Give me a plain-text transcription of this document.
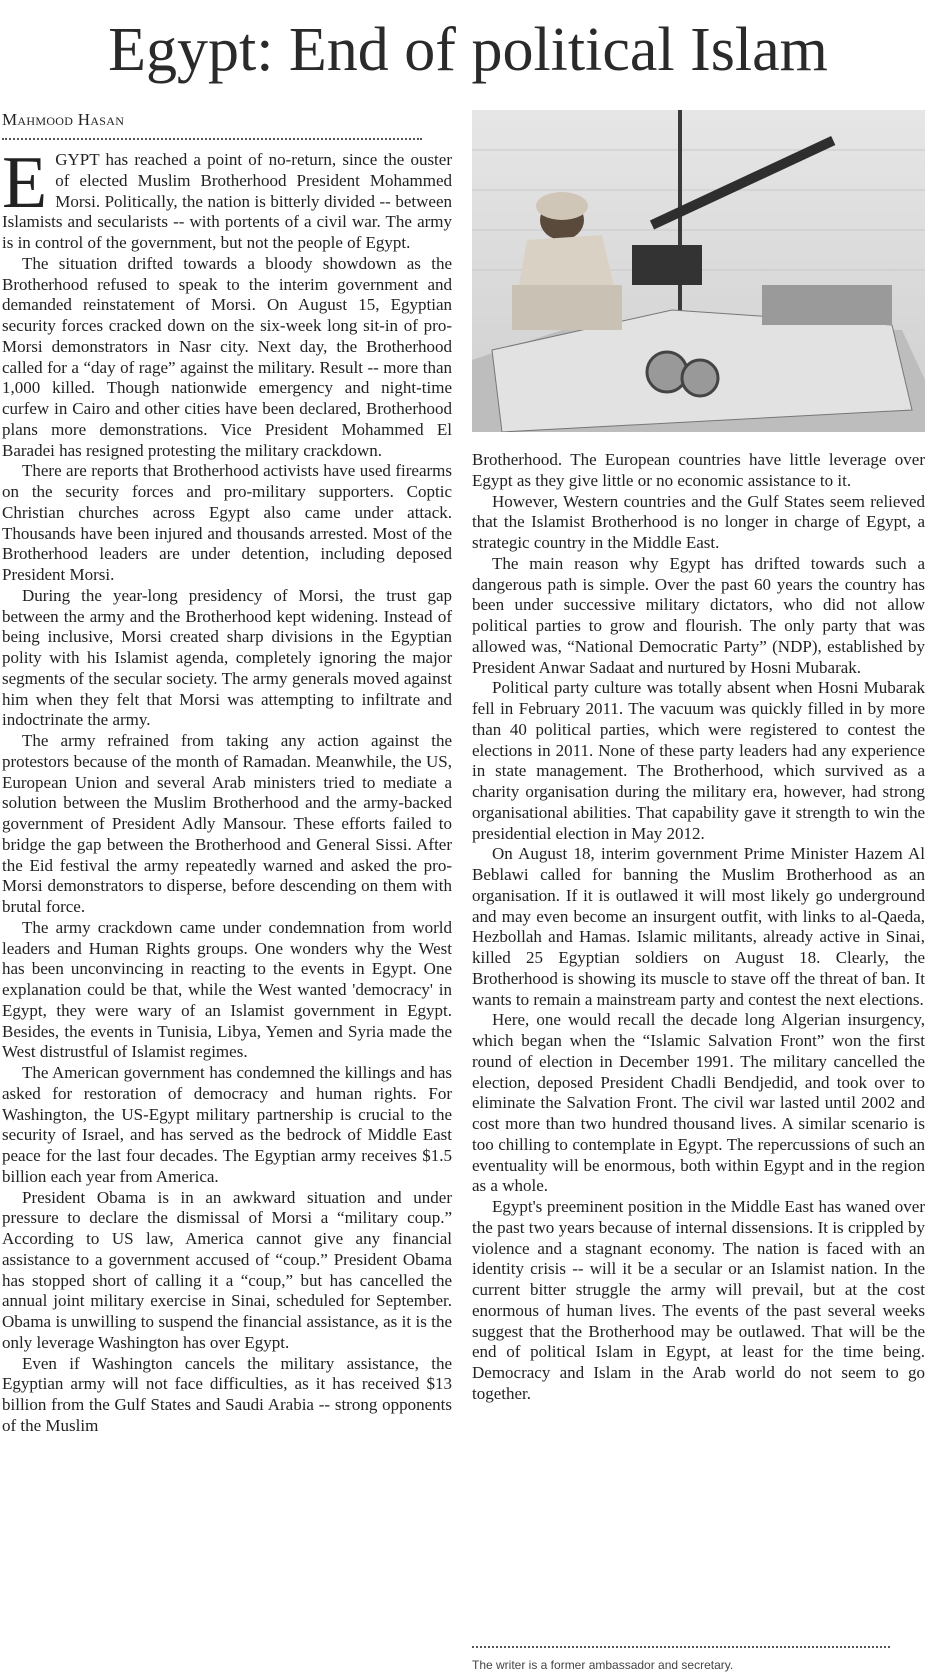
Egypt: End of political Islam
Mahmood Hasan

EGYPT has reached a point of no-return, since the ouster of elected Muslim Brotherhood President Mohammed Morsi. Politically, the nation is bitterly divided -- between Islamists and secularists -- with portents of a civil war. The army is in control of the government, but not the people of Egypt.

The situation drifted towards a bloody showdown as the Brotherhood refused to speak to the interim government and demanded reinstatement of Morsi. On August 15, Egyptian security forces cracked down on the six-week long sit-in of pro-Morsi demonstrators in Nasr city. Next day, the Brotherhood called for a “day of rage” against the military. Result -- more than 1,000 killed. Though nationwide emergency and night-time curfew in Cairo and other cities have been declared, Brotherhood plans more demonstrations. Vice President Mohammed El Baradei has resigned protesting the military crackdown.

There are reports that Brotherhood activists have used firearms on the security forces and pro-military supporters. Coptic Christian churches across Egypt also came under attack. Thousands have been injured and thousands arrested. Most of the Brotherhood leaders are under detention, including deposed President Morsi.

During the year-long presidency of Morsi, the trust gap between the army and the Brotherhood kept widening. Instead of being inclusive, Morsi created sharp divisions in the Egyptian polity with his Islamist agenda, completely ignoring the major segments of the secular society. The army generals moved against him when they felt that Morsi was attempting to infiltrate and indoctrinate the army.

The army refrained from taking any action against the protestors because of the month of Ramadan. Meanwhile, the US, European Union and several Arab ministers tried to mediate a solution between the Muslim Brotherhood and the army-backed government of President Adly Mansour. These efforts failed to bridge the gap between the Brotherhood and General Sissi. After the Eid festival the army repeatedly warned and asked the pro-Morsi demonstrators to disperse, before descending on them with brutal force.

The army crackdown came under condemnation from world leaders and Human Rights groups. One wonders why the West has been unconvincing in reacting to the events in Egypt. One explanation could be that, while the West wanted 'democracy' in Egypt, they were wary of an Islamist government in Egypt. Besides, the events in Tunisia, Libya, Yemen and Syria made the West distrustful of Islamist regimes.

The American government has condemned the killings and has asked for restoration of democracy and human rights. For Washington, the US-Egypt military partnership is crucial to the security of Israel, and has served as the bedrock of Middle East peace for the last four decades. The Egyptian army receives $1.5 billion each year from America.

President Obama is in an awkward situation and under pressure to declare the dismissal of Morsi a “military coup.” According to US law, America cannot give any financial assistance to a government accused of “coup.” President Obama has stopped short of calling it a “coup,” but has cancelled the annual joint military exercise in Sinai, scheduled for September. Obama is unwilling to suspend the financial assistance, as it is the only leverage Washington has over Egypt.

Even if Washington cancels the military assistance, the Egyptian army will not face difficulties, as it has received $13 billion from the Gulf States and Saudi Arabia -- strong opponents of the Muslim

Brotherhood. The European countries have little leverage over Egypt as they give little or no economic assistance to it.

However, Western countries and the Gulf States seem relieved that the Islamist Brotherhood is no longer in charge of Egypt, a strategic country in the Middle East.

The main reason why Egypt has drifted towards such a dangerous path is simple. Over the past 60 years the country has been under successive military dictators, who did not allow political parties to grow and flourish. The only party that was allowed was, “National Democratic Party” (NDP), established by President Anwar Sadaat and nurtured by Hosni Mubarak.

Political party culture was totally absent when Hosni Mubarak fell in February 2011. The vacuum was quickly filled in by more than 40 political parties, which were registered to contest the elections in 2011. None of these party leaders had any experience in state management. The Brotherhood, which survived as a charity organisation during the military era, however, had strong organisational abilities. That capability gave it strength to win the presidential election in May 2012.

On August 18, interim government Prime Minister Hazem Al Beblawi called for banning the Muslim Brotherhood as an organisation. If it is outlawed it will most likely go underground and may even become an insurgent outfit, with links to al-Qaeda, Hezbollah and Hamas. Islamic militants, already active in Sinai, killed 25 Egyptian soldiers on August 18. Clearly, the Brotherhood is showing its muscle to stave off the threat of ban. It wants to remain a mainstream party and contest the next elections.

Here, one would recall the decade long Algerian insurgency, which began when the “Islamic Salvation Front” won the first round of election in December 1991. The military cancelled the election, deposed President Chadli Bendjedid, and took over to eliminate the Salvation Front. The civil war lasted until 2002 and cost more than two hundred thousand lives. A similar scenario is too chilling to contemplate in Egypt. The repercussions of such an eventuality will be enormous, both within Egypt and in the region as a whole.

Egypt's preeminent position in the Middle East has waned over the past two years because of internal dissensions. It is crippled by violence and a stagnant economy. The nation is faced with an identity crisis -- will it be a secular or an Islamist nation. In the current bitter struggle the army will prevail, but at the cost enormous of human lives. The events of the past several weeks suggest that the Brotherhood may be outlawed. That will be the end of political Islam in Egypt, at least for the time being. Democracy and Islam in the Arab world do not seem to go together.

The writer is a former ambassador and secretary.
